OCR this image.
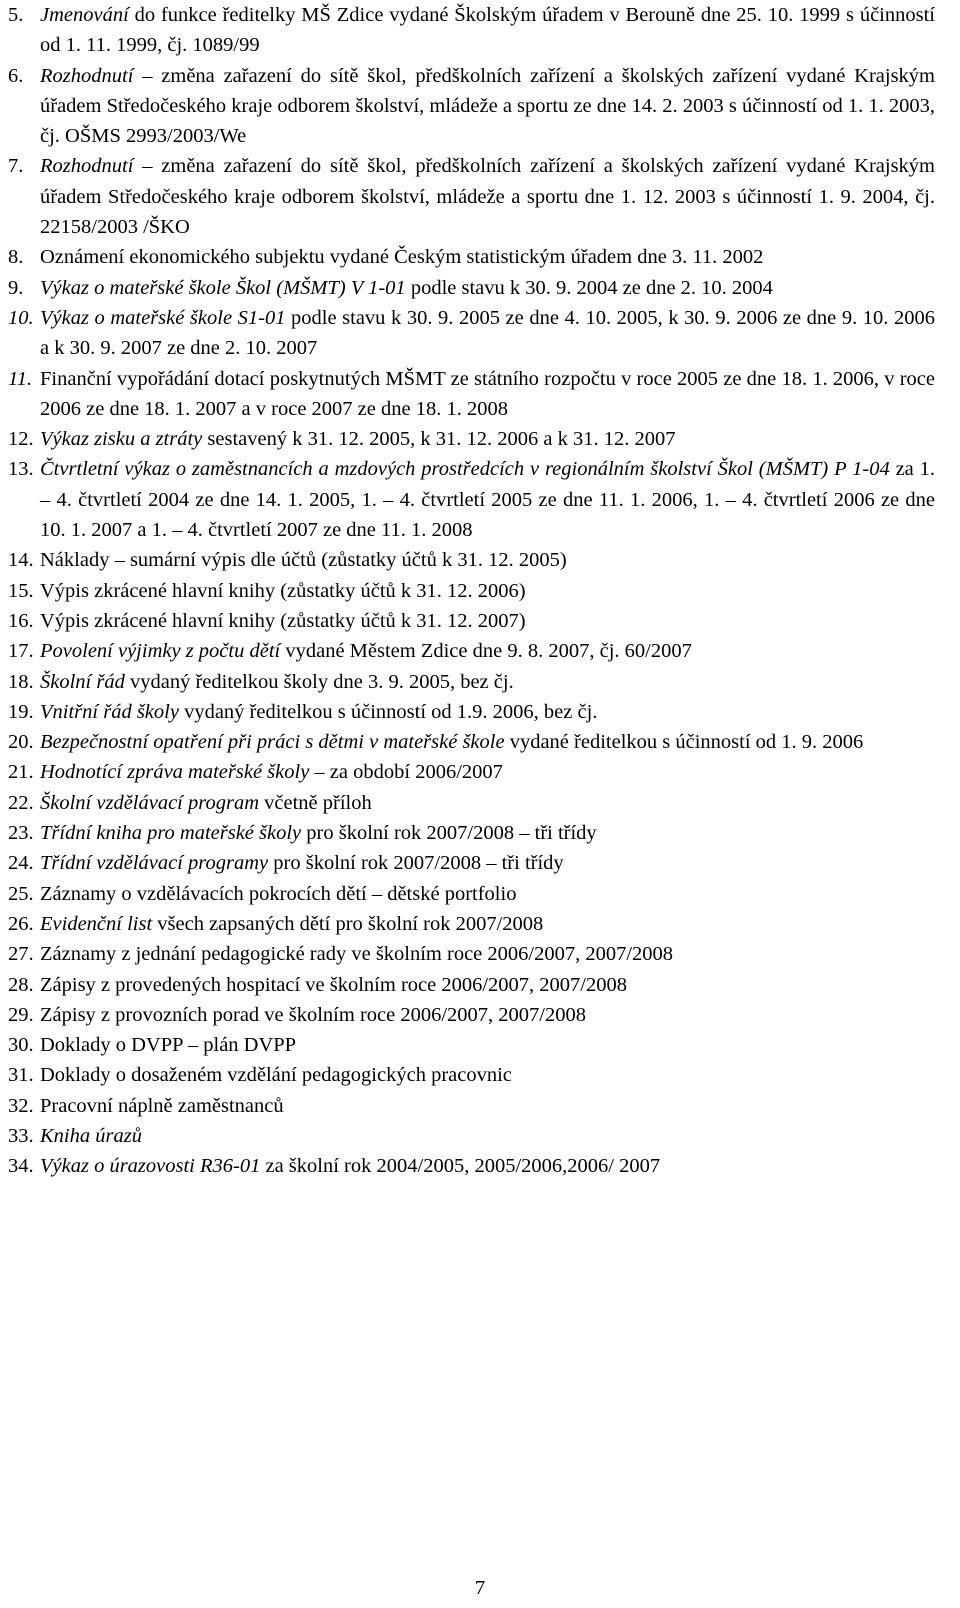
5. Jmenování do funkce ředitelky MŠ Zdice vydané Školským úřadem v Berouně dne 25. 10. 1999 s účinností od 1. 11. 1999, čj. 1089/99
6. Rozhodnutí – změna zařazení do sítě škol, předškolních zařízení a školských zařízení vydané Krajským úřadem Středočeského kraje odborem školství, mládeže a sportu ze dne 14. 2. 2003 s účinností od 1. 1. 2003, čj. OŠMS 2993/2003/We
7. Rozhodnutí – změna zařazení do sítě škol, předškolních zařízení a školských zařízení vydané Krajským úřadem Středočeského kraje odborem školství, mládeže a sportu dne 1. 12. 2003 s účinností 1. 9. 2004, čj. 22158/2003 /ŠKO
8. Oznámení ekonomického subjektu vydané Českým statistickým úřadem dne 3. 11. 2002
9. Výkaz o mateřské škole Škol (MŠMT) V 1-01 podle stavu k 30. 9. 2004 ze dne 2. 10. 2004
10. Výkaz o mateřské škole S1-01 podle stavu k 30. 9. 2005 ze dne 4. 10. 2005, k 30. 9. 2006 ze dne 9. 10. 2006 a k 30. 9. 2007 ze dne 2. 10. 2007
11. Finanční vypořádání dotací poskytnutých MŠMT ze státního rozpočtu v roce 2005 ze dne 18. 1. 2006, v roce 2006 ze dne 18. 1. 2007 a v roce 2007 ze dne 18. 1. 2008
12. Výkaz zisku a ztráty sestavený k 31. 12. 2005, k 31. 12. 2006 a k 31. 12. 2007
13. Čtvrtletní výkaz o zaměstnancích a mzdových prostředcích v regionálním školství Škol (MŠMT) P 1-04 za 1. – 4. čtvrtletí 2004 ze dne 14. 1. 2005, 1. – 4. čtvrtletí 2005 ze dne 11. 1. 2006, 1. – 4. čtvrtletí 2006 ze dne 10. 1. 2007 a 1. – 4. čtvrtletí 2007 ze dne 11. 1. 2008
14. Náklady – sumární výpis dle účtů (zůstatky účtů k 31. 12. 2005)
15. Výpis zkrácené hlavní knihy (zůstatky účtů k 31. 12. 2006)
16. Výpis zkrácené hlavní knihy (zůstatky účtů k 31. 12. 2007)
17. Povolení výjimky z počtu dětí vydané Městem Zdice dne 9. 8. 2007, čj. 60/2007
18. Školní řád vydaný ředitelkou školy dne 3. 9. 2005, bez čj.
19. Vnitřní řád školy vydaný ředitelkou s účinností od 1.9. 2006, bez čj.
20. Bezpečnostní opatření při práci s dětmi v mateřské škole vydané ředitelkou s účinností od 1. 9. 2006
21. Hodnotící zpráva mateřské školy – za období 2006/2007
22. Školní vzdělávací program včetně příloh
23. Třídní kniha pro mateřské školy pro školní rok 2007/2008 – tři třídy
24. Třídní vzdělávací programy pro školní rok 2007/2008 – tři třídy
25. Záznamy o vzdělávacích pokrocích dětí – dětské portfolio
26. Evidenční list všech zapsaných dětí pro školní rok 2007/2008
27. Záznamy z jednání pedagogické rady ve školním roce 2006/2007, 2007/2008
28. Zápisy z provedených hospitací ve školním roce 2006/2007, 2007/2008
29. Zápisy z provozních porad ve školním roce 2006/2007, 2007/2008
30. Doklady o DVPP – plán DVPP
31. Doklady o dosaženém vzdělání pedagogických pracovnic
32. Pracovní náplně zaměstnanců
33. Kniha úrazů
34. Výkaz o úrazovosti R36-01 za školní rok 2004/2005, 2005/2006,2006/ 2007
7
